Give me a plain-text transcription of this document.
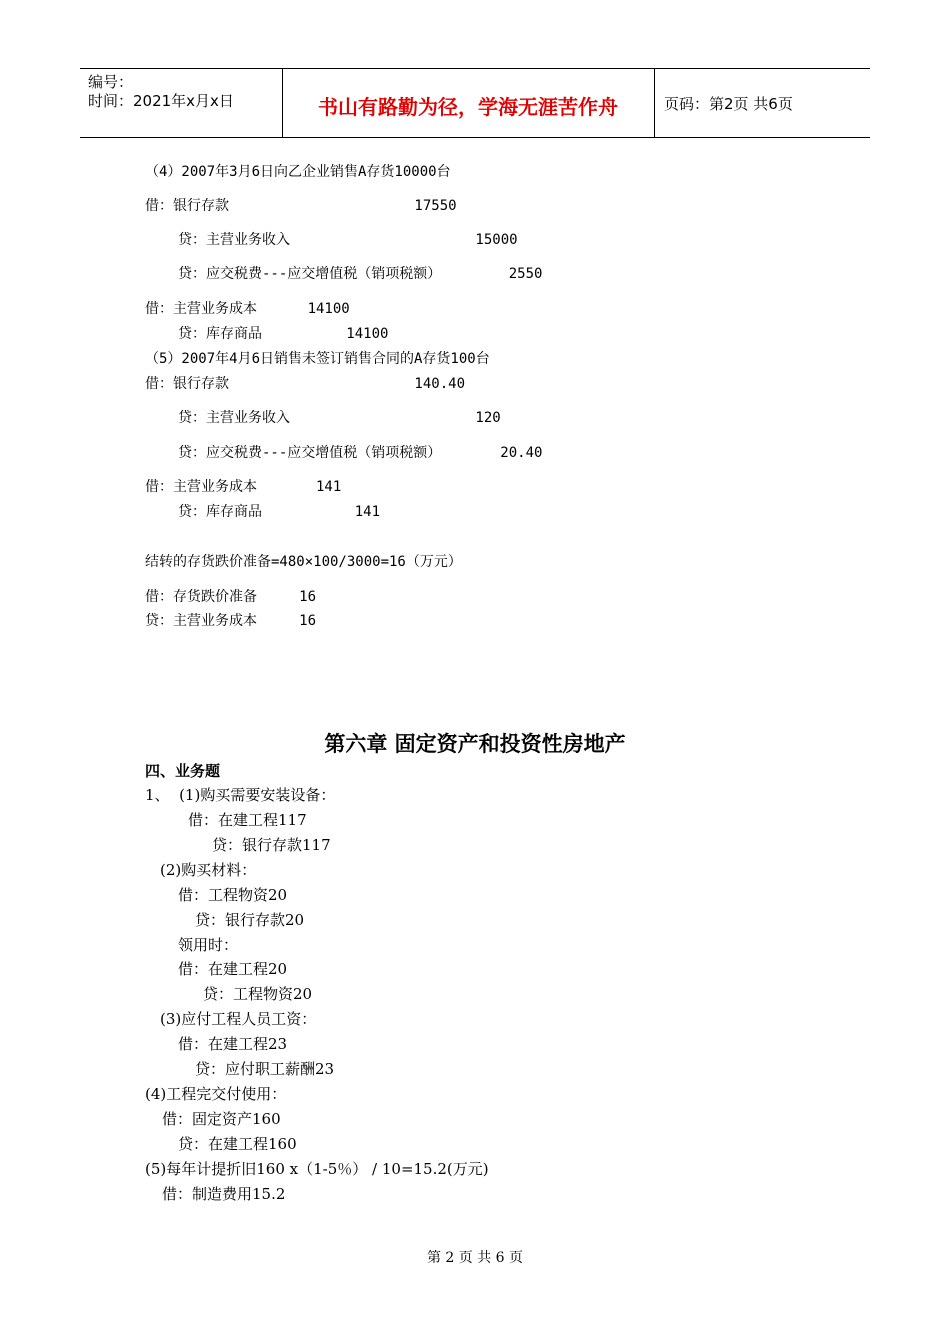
编号：
时间：2021年x月x日	书山有路勤为径，学海无涯苦作舟	页码：第2页 共6页
（4）2007年3月6日向乙企业销售A存货10000台
借：银行存款                      17550
贷：主营业务收入                      15000
贷：应交税费---应交增值税（销项税额）        2550
借：主营业务成本      14100
贷：库存商品          14100
（5）2007年4月6日销售未签订销售合同的A存货100台
借：银行存款                      140.40
贷：主营业务收入                      120
贷：应交税费---应交增值税（销项税额）       20.40
借：主营业务成本       141
贷：库存商品           141
结转的存货跌价准备=480×100/3000=16（万元）
借：存货跌价准备     16
贷：主营业务成本     16
第六章 固定资产和投资性房地产
四、业务题
1、  (1)购买需要安装设备：
借：在建工程117
贷：银行存款117
(2)购买材料：
借：工程物资20
贷：银行存款20
领用时：
借：在建工程20
贷：工程物资20
(3)应付工程人员工资：
借：在建工程23
贷：应付职工薪酬23
(4)工程完交付使用：
借：固定资产160
贷：在建工程160
(5)每年计提折旧160 x（1-5％） / 10=15.2(万元)
借：制造费用15.2
第 2 页 共 6 页
